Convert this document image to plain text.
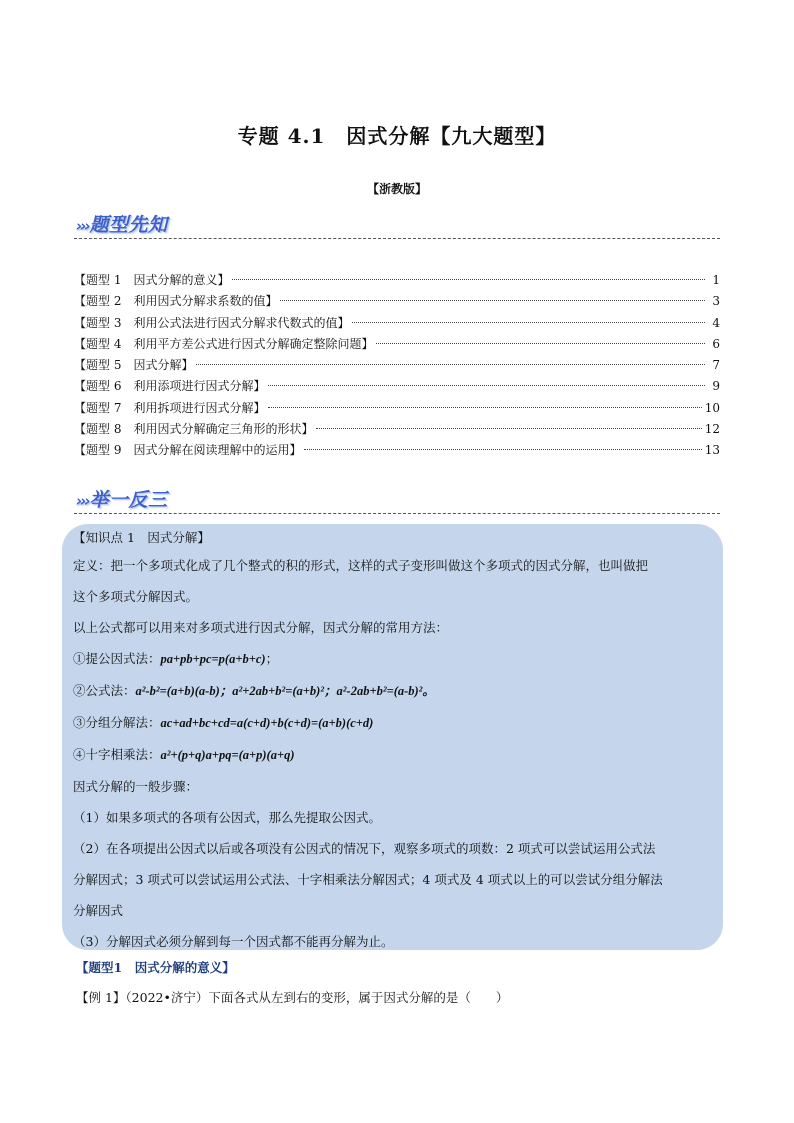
专题 4.1　因式分解【九大题型】
【浙教版】
›››题型先知
【题型 1　因式分解的意义】	1
【题型 2　利用因式分解求系数的值】	3
【题型 3　利用公式法进行因式分解求代数式的值】	4
【题型 4　利用平方差公式进行因式分解确定整除问题】	6
【题型 5　因式分解】	7
【题型 6　利用添项进行因式分解】	9
【题型 7　利用拆项进行因式分解】	10
【题型 8　利用因式分解确定三角形的形状】	12
【题型 9　因式分解在阅读理解中的运用】	13
›››举一反三
【知识点 1　因式分解】
定义：把一个多项式化成了几个整式的积的形式，这样的式子变形叫做这个多项式的因式分解，也叫做把
这个多项式分解因式。
以上公式都可以用来对多项式进行因式分解，因式分解的常用方法：
①提公因式法：pa+pb+pc=p(a+b+c)；
②公式法：a²-b²=(a+b)(a-b)；a²+2ab+b²=(a+b)²；a²-2ab+b²=(a-b)²。
③分组分解法：ac+ad+bc+cd=a(c+d)+b(c+d)=(a+b)(c+d)
④十字相乘法：a²+(p+q)a+pq=(a+p)(a+q)
因式分解的一般步骤：
（1）如果多项式的各项有公因式，那么先提取公因式。
（2）在各项提出公因式以后或各项没有公因式的情况下，观察多项式的项数：2 项式可以尝试运用公式法
分解因式；3 项式可以尝试运用公式法、十字相乘法分解因式；4 项式及 4 项式以上的可以尝试分组分解法
分解因式
（3）分解因式必须分解到每一个因式都不能再分解为止。
【题型1　因式分解的意义】
【例 1】（2022•济宁）下面各式从左到右的变形，属于因式分解的是（　　）
